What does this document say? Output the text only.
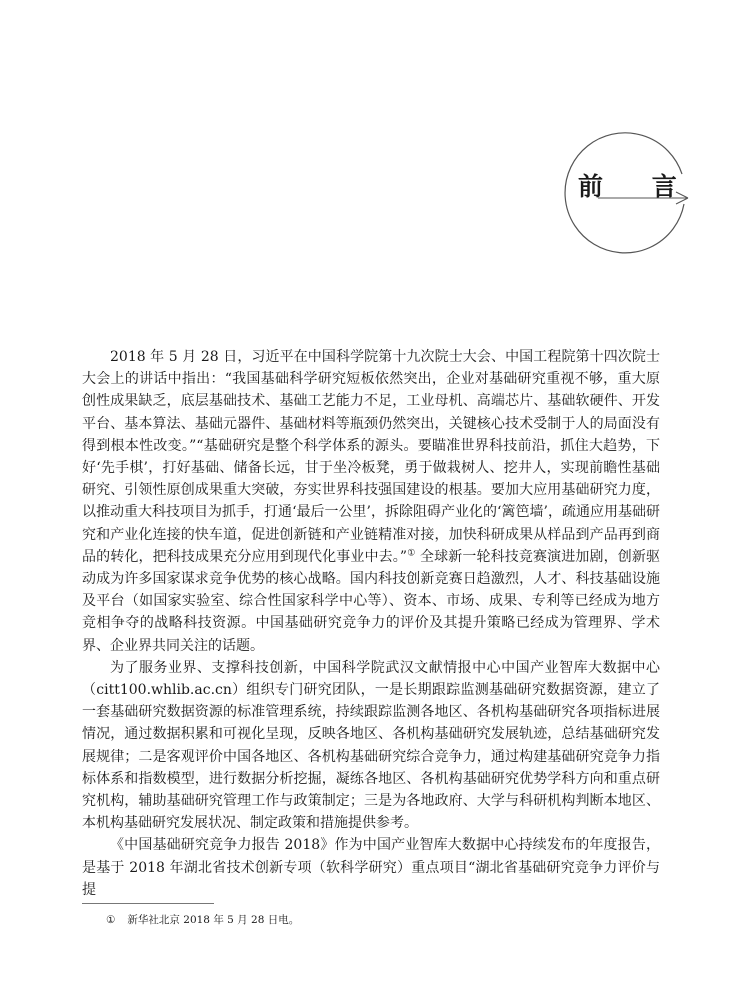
前 言

2018 年 5 月 28 日，习近平在中国科学院第十九次院士大会、中国工程院第十四次院士大会上的讲话中指出：“我国基础科学研究短板依然突出，企业对基础研究重视不够，重大原创性成果缺乏，底层基础技术、基础工艺能力不足，工业母机、高端芯片、基础软硬件、开发平台、基本算法、基础元器件、基础材料等瓶颈仍然突出，关键核心技术受制于人的局面没有得到根本性改变。”“基础研究是整个科学体系的源头。要瞄准世界科技前沿，抓住大趋势，下好‘先手棋’，打好基础、储备长远，甘于坐冷板凳，勇于做栽树人、挖井人，实现前瞻性基础研究、引领性原创成果重大突破，夯实世界科技强国建设的根基。要加大应用基础研究力度，以推动重大科技项目为抓手，打通‘最后一公里’，拆除阻碍产业化的‘篱笆墙’，疏通应用基础研究和产业化连接的快车道，促进创新链和产业链精准对接，加快科研成果从样品到产品再到商品的转化，把科技成果充分应用到现代化事业中去。”① 全球新一轮科技竞赛演进加剧，创新驱动成为许多国家谋求竞争优势的核心战略。国内科技创新竞赛日趋激烈，人才、科技基础设施及平台（如国家实验室、综合性国家科学中心等）、资本、市场、成果、专利等已经成为地方竞相争夺的战略科技资源。中国基础研究竞争力的评价及其提升策略已经成为管理界、学术界、企业界共同关注的话题。

为了服务业界、支撑科技创新，中国科学院武汉文献情报中心中国产业智库大数据中心（citt100.whlib.ac.cn）组织专门研究团队，一是长期跟踪监测基础研究数据资源，建立了一套基础研究数据资源的标准管理系统，持续跟踪监测各地区、各机构基础研究各项指标进展情况，通过数据积累和可视化呈现，反映各地区、各机构基础研究发展轨迹，总结基础研究发展规律；二是客观评价中国各地区、各机构基础研究综合竞争力，通过构建基础研究竞争力指标体系和指数模型，进行数据分析挖掘，凝练各地区、各机构基础研究优势学科方向和重点研究机构，辅助基础研究管理工作与政策制定；三是为各地政府、大学与科研机构判断本地区、本机构基础研究发展状况、制定政策和措施提供参考。

《中国基础研究竞争力报告 2018》作为中国产业智库大数据中心持续发布的年度报告，是基于 2018 年湖北省技术创新专项（软科学研究）重点项目“湖北省基础研究竞争力评价与提

① 新华社北京 2018 年 5 月 28 日电。
